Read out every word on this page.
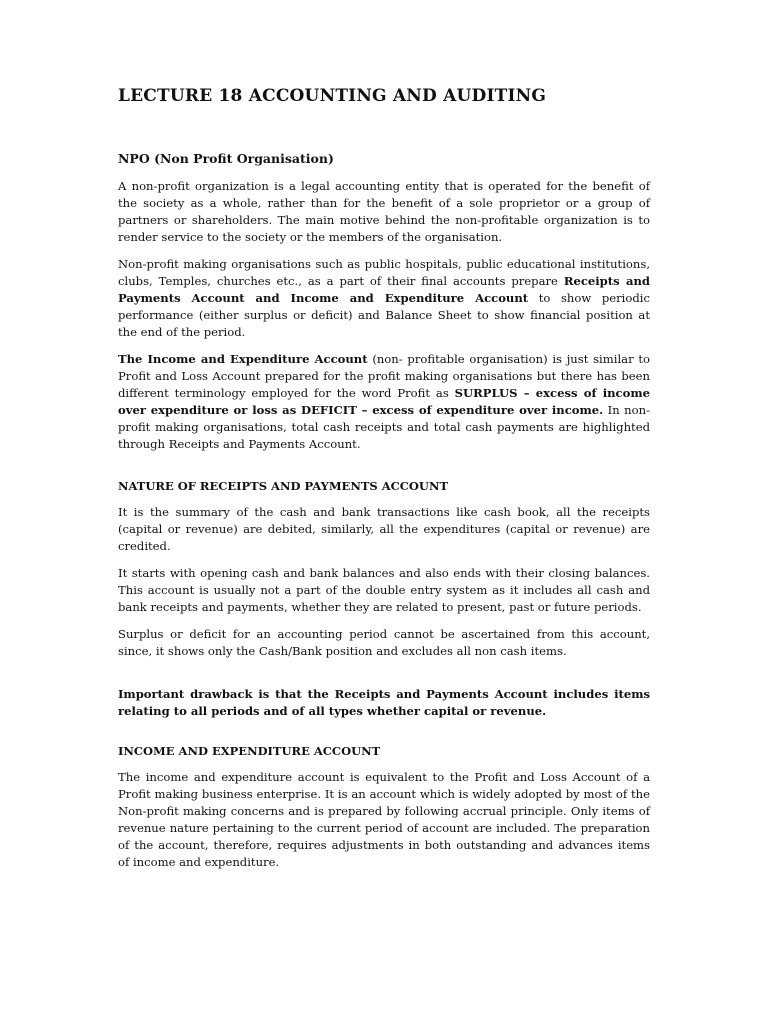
LECTURE 18 ACCOUNTING AND AUDITING
NPO (Non Profit Organisation)

A non-profit organization is a legal accounting entity that is operated for the benefit of the society as a whole, rather than for the benefit of a sole proprietor or a group of partners or shareholders. The main motive behind the non-profitable organization is to render service to the society or the members of the organisation.

Non-profit making organisations such as public hospitals, public educational institutions, clubs, Temples, churches etc., as a part of their final accounts prepare Receipts and Payments Account and Income and Expenditure Account to show periodic performance (either surplus or deficit) and Balance Sheet to show financial position at the end of the period.

The Income and Expenditure Account (non- profitable organisation) is just similar to Profit and Loss Account prepared for the profit making organisations but there has been different terminology employed for the word Profit as SURPLUS – excess of income over expenditure or loss as DEFICIT – excess of expenditure over income. In non-profit making organisations, total cash receipts and total cash payments are highlighted through Receipts and Payments Account.

NATURE OF RECEIPTS AND PAYMENTS ACCOUNT

It is the summary of the cash and bank transactions like cash book, all the receipts (capital or revenue) are debited, similarly, all the expenditures (capital or revenue) are credited.

It starts with opening cash and bank balances and also ends with their closing balances. This account is usually not a part of the double entry system as it includes all cash and bank receipts and payments, whether they are related to present, past or future periods.

Surplus or deficit for an accounting period cannot be ascertained from this account, since, it shows only the Cash/Bank position and excludes all non cash items.

Important drawback is that the Receipts and Payments Account includes items relating to all periods and of all types whether capital or revenue.

INCOME AND EXPENDITURE ACCOUNT

The income and expenditure account is equivalent to the Profit and Loss Account of a Profit making business enterprise. It is an account which is widely adopted by most of the Non-profit making concerns and is prepared by following accrual principle. Only items of revenue nature pertaining to the current period of account are included. The preparation of the account, therefore, requires adjustments in both outstanding and advances items of income and expenditure.
